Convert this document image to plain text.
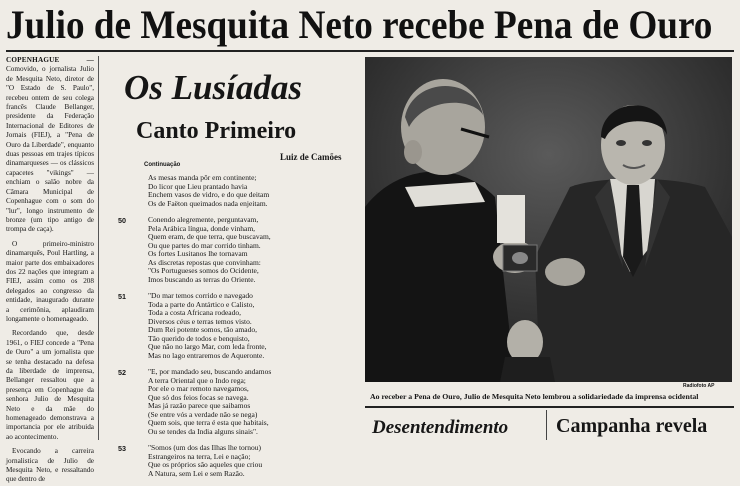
Julio de Mesquita Neto recebe Pena de Ouro

COPENHAGUE — Comovido, o jornalista Julio de Mesquita Neto, diretor de "O Estado de S. Paulo", recebeu ontem de seu colega francês Claude Bellanger, presidente da Federação Internacional de Editores de Jornais (FIEJ), a "Pena de Ouro da Liberdade", enquanto duas pessoas em trajes típicos dinamarqueses — os clássicos capacetes "vikings" — enchiam o salão nobre da Câmara Municipal de Copenhague com o som do "lur", longo instrumento de bronze (um tipo antigo de trompa de caça).

O primeiro-ministro dinamarquês, Poul Hartling, a maior parte dos embaixadores dos 22 nações que integram a FIEJ, assim como os 208 delegados ao congresso da entidade, inaugurado durante a cerimônia, aplaudiram longamente o homenageado.

Recordando que, desde 1961, o FIEJ concede a "Pena de Ouro" a um jornalista que se tenha destacado na defesa da liberdade de imprensa, Bellanger ressaltou que a presença em Copenhague da senhora Julio de Mesquita Neto e da mãe do homenageado demonstrava a importancia por ele atribuida ao acontecimento.

Evocando a carreira jornalistica de Julio de Mesquita Neto, e ressaltando que dentro de

Os Lusíadas
Canto Primeiro
Luiz de Camões
Continuação
As mesas manda pôr em continente;
Do licor que Lieu prantado havia
Enchem vasos de vidro, e do que deitam
Os de Faëton queimados nada enjeitam.
50	Conendo alegremente, perguntavam,
Pela Arábica língua, donde vinham,
Quem eram, de que terra, que buscavam,
Ou que partes do mar corrido tinham.
Os fortes Lusitanos lhe tornavam
As discretas repostas que convinham:
"Os Portugueses somos do Ocidente,
Imos buscando as terras do Oriente.
51	"Do mar temos corrido e navegado
Toda a parte do Antártico e Calisto,
Toda a costa Africana rodeado,
Diversos céus e terras temos visto.
Dum Rei potente somos, tão amado,
Tão querido de todos e benquisto,
Que não no largo Mar, com leda fronte,
Mas no lago entraremos de Aqueronte.
52	"E, por mandado seu, buscando andamos
A terra Oriental que o Indo rega;
Por ele o mar remoto navegamos,
Que só dos feios focas se navega.
Mas já razão parece que saibamos
(Se entre vós a verdade não se nega)
Quem sois, que terra é esta que habitais,
Ou se tendes da India alguns sinais".
53	"Somos (um dos das Ilhas lhe tornou)
Estrangeiros na terra, Lei e nação;
Que os próprios são aqueles que criou
A Natura, sem Lei e sem Razão.
Radiofoto AP
Ao receber a Pena de Ouro, Julio de Mesquita Neto lembrou a solidariedade da imprensa ocidental
Desentendimento Campanha revela
